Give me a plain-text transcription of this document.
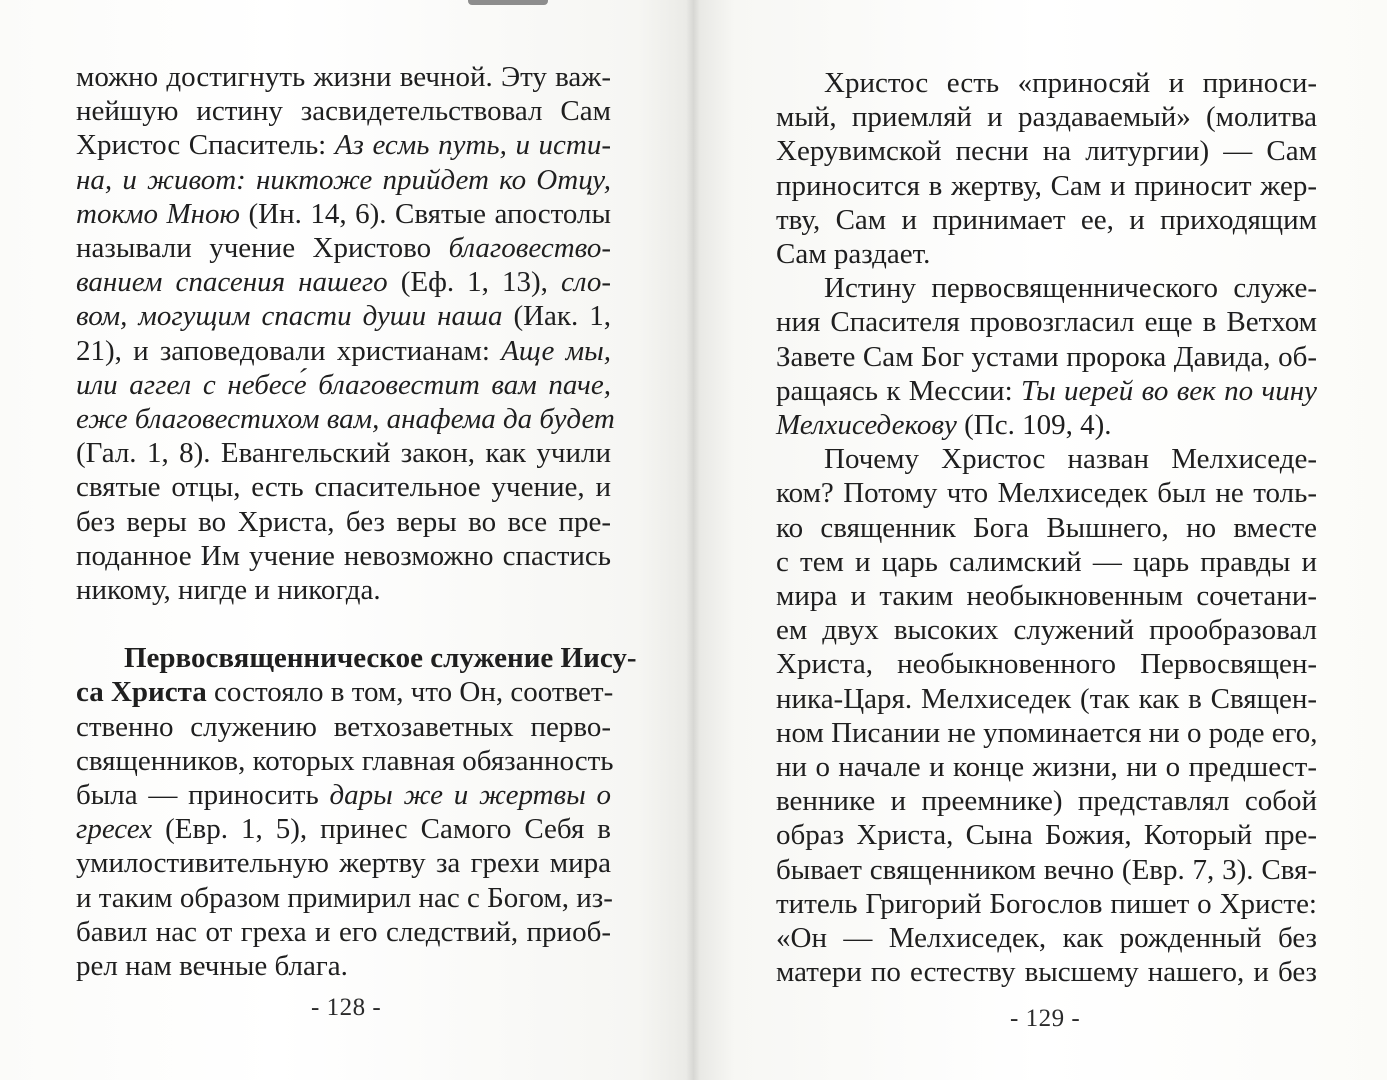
можно достигнуть жизни вечной. Эту важ-
нейшую истину засвидетельствовал Сам
Христос Спаситель: Аз есмь путь, и исти-
на, и живот: никтоже прийдет ко Отцу,
токмо Мною (Ин. 14, 6). Святые апостолы
называли учение Христово благовество-
ванием спасения нашего (Еф. 1, 13), сло-
вом, могущим спасти души наша (Иак. 1,
21), и заповедовали христианам: Аще мы,
или аггел с небесе́ благовестит вам паче,
еже благовестихом вам, анафема да будет
(Гал. 1, 8). Евангельский закон, как учили
святые отцы, есть спасительное учение, и
без веры во Христа, без веры во все пре-
поданное Им учение невозможно спастись
никому, нигде и никогда.
Первосвященническое служение Иису-
са Христа состояло в том, что Он, соответ-
ственно служению ветхозаветных перво-
священников, которых главная обязанность
была — приносить дары же и жертвы о
гресех (Евр. 1, 5), принес Самого Себя в
умилостивительную жертву за грехи мира
и таким образом примирил нас с Богом, из-
бавил нас от греха и его следствий, приоб-
рел нам вечные блага.
- 128 -
Христос есть «приносяй и приноси-
мый, приемляй и раздаваемый» (молитва
Херувимской песни на литургии) — Сам
приносится в жертву, Сам и приносит жер-
тву, Сам и принимает ее, и приходящим
Сам раздает.
Истину первосвященнического служе-
ния Спасителя провозгласил еще в Ветхом
Завете Сам Бог устами пророка Давида, об-
ращаясь к Мессии: Ты иерей во век по чину
Мелхиседекову (Пс. 109, 4).
Почему Христос назван Мелхиседе-
ком? Потому что Мелхиседек был не толь-
ко священник Бога Вышнего, но вместе
с тем и царь салимский — царь правды и
мира и таким необыкновенным сочетани-
ем двух высоких служений прообразовал
Христа, необыкновенного Первосвящен-
ника-Царя. Мелхиседек (так как в Священ-
ном Писании не упоминается ни о роде его,
ни о начале и конце жизни, ни о предшест-
веннике и преемнике) представлял собой
образ Христа, Сына Божия, Который пре-
бывает священником вечно (Евр. 7, 3). Свя-
титель Григорий Богослов пишет о Христе:
«Он — Мелхиседек, как рожденный без
матери по естеству высшему нашего, и без
- 129 -
